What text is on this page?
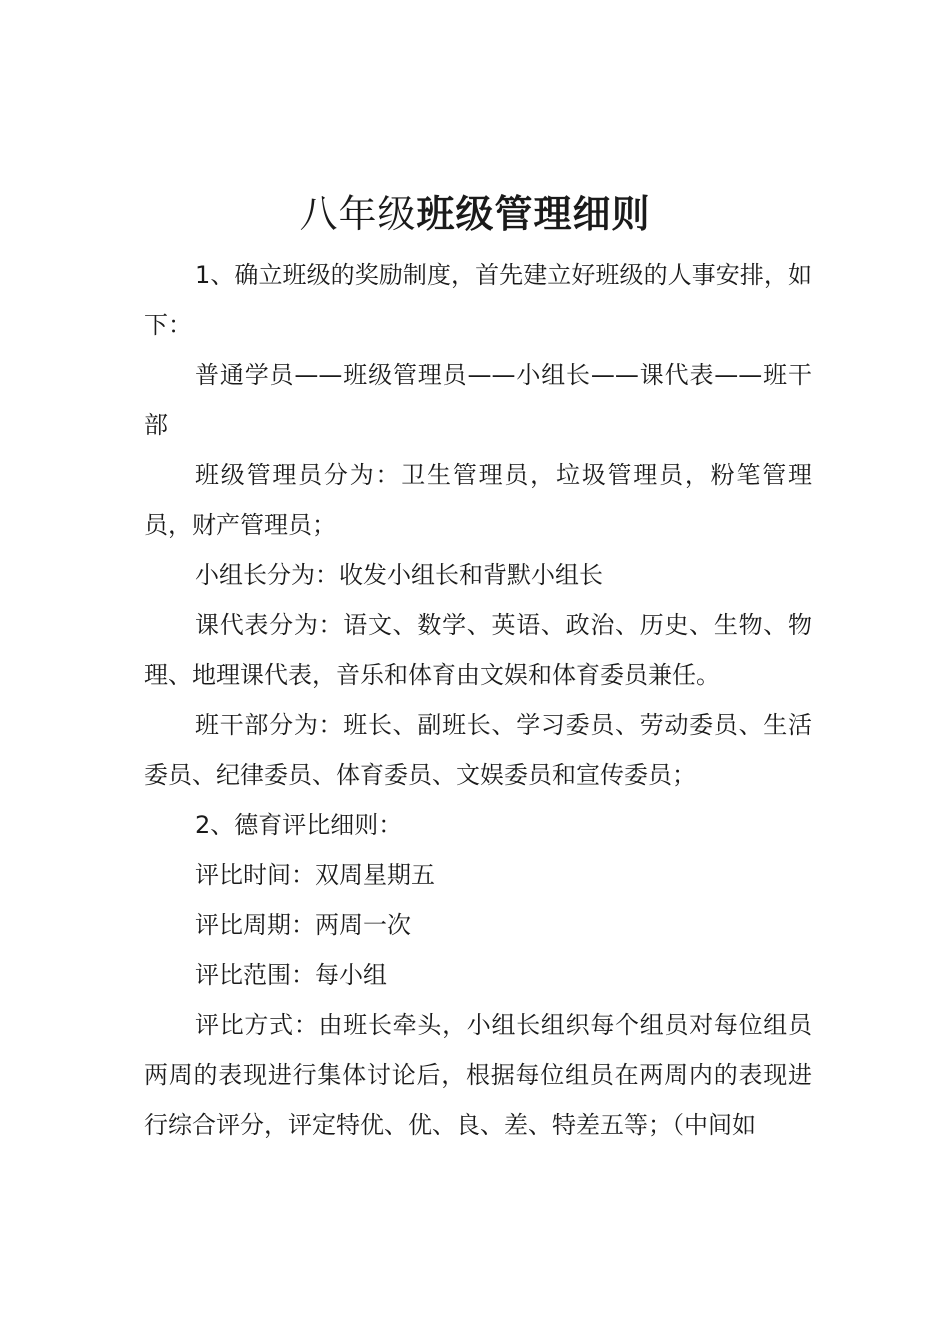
八年级班级管理细则

1、确立班级的奖励制度，首先建立好班级的人事安排，如下：

普通学员——班级管理员——小组长——课代表——班干部

班级管理员分为：卫生管理员，垃圾管理员，粉笔管理员，财产管理员；

小组长分为：收发小组长和背默小组长

课代表分为：语文、数学、英语、政治、历史、生物、物理、地理课代表，音乐和体育由文娱和体育委员兼任。

班干部分为：班长、副班长、学习委员、劳动委员、生活委员、纪律委员、体育委员、文娱委员和宣传委员；

2、德育评比细则：

评比时间：双周星期五

评比周期：两周一次

评比范围：每小组

评比方式：由班长牵头，小组长组织每个组员对每位组员两周的表现进行集体讨论后，根据每位组员在两周内的表现进行综合评分，评定特优、优、良、差、特差五等；（中间如
